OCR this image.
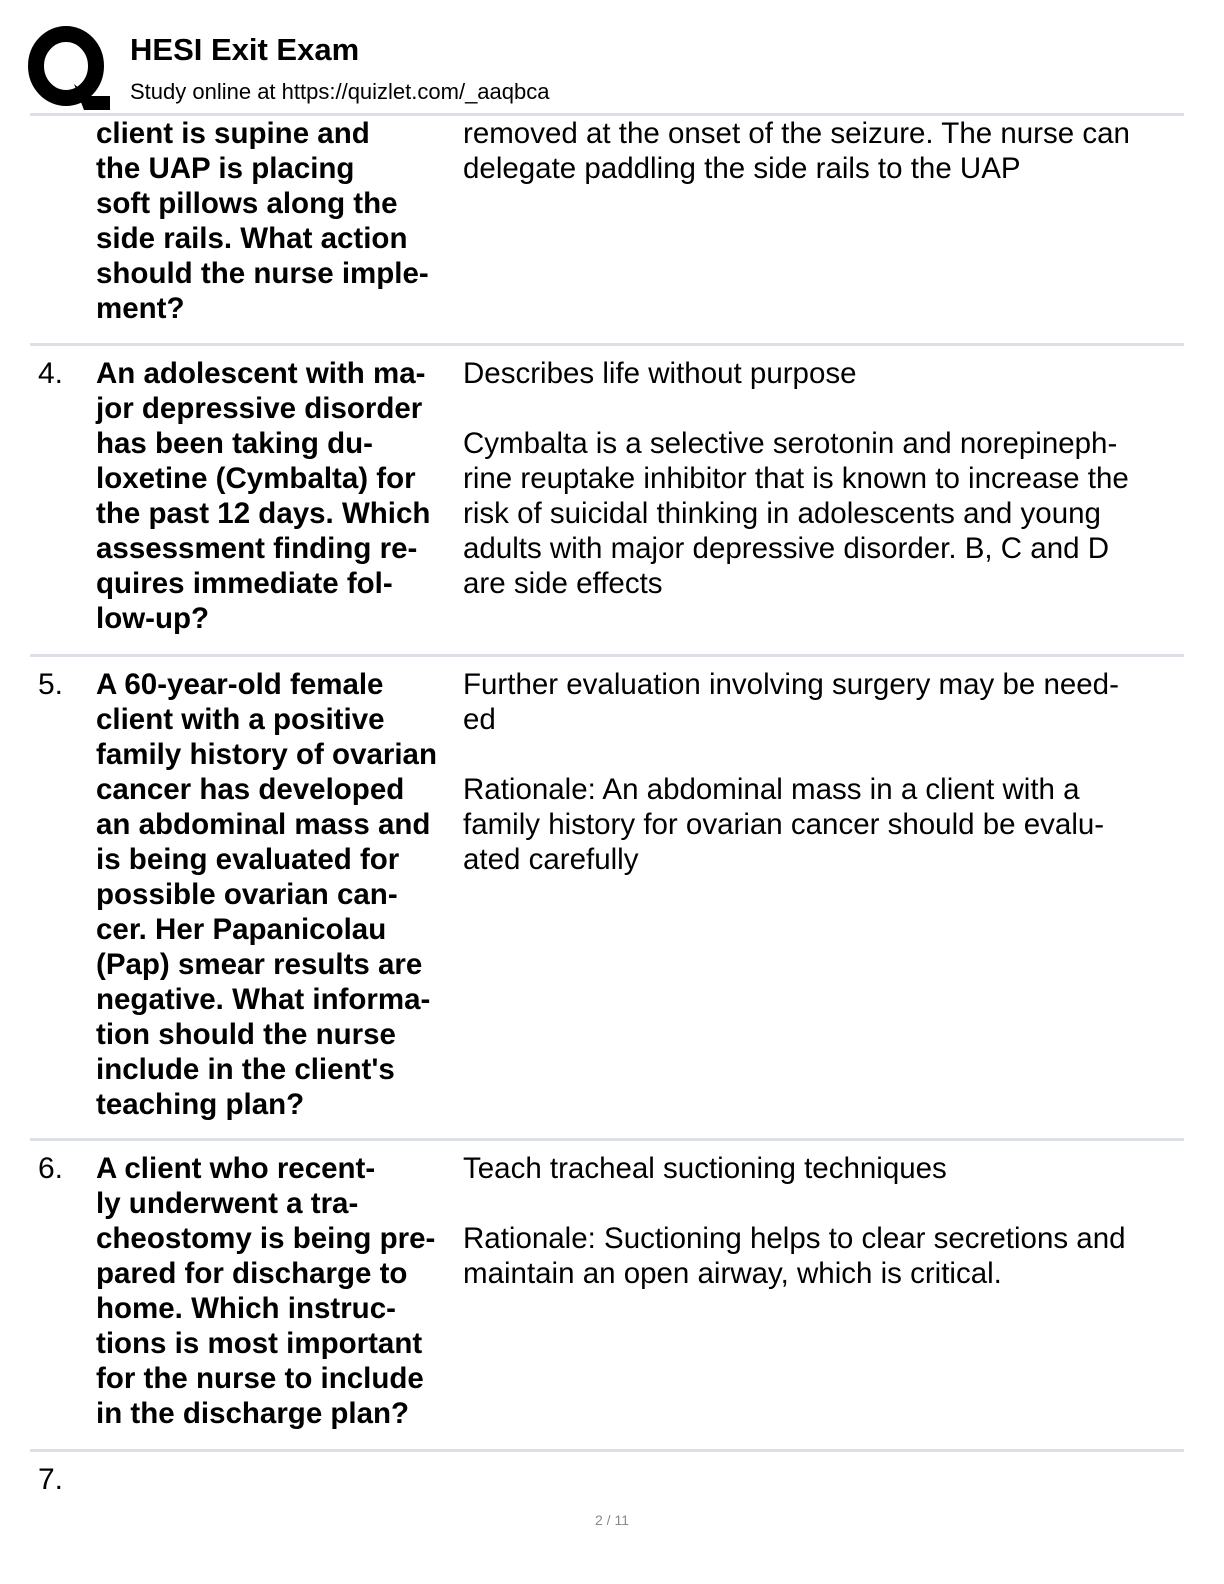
HESI Exit Exam
Study online at https://quizlet.com/_aaqbca
client is supine and
the UAP is placing
soft pillows along the
side rails. What action
should the nurse imple-
ment?
removed at the onset of the seizure. The nurse can
delegate paddling the side rails to the UAP
4. An adolescent with ma-
jor depressive disorder
has been taking du-
loxetine (Cymbalta) for
the past 12 days. Which
assessment finding re-
quires immediate fol-
low-up?
Describes life without purpose

Cymbalta is a selective serotonin and norepineph-
rine reuptake inhibitor that is known to increase the
risk of suicidal thinking in adolescents and young
adults with major depressive disorder. B, C and D
are side effects
5. A 60-year-old female
client with a positive
family history of ovarian
cancer has developed
an abdominal mass and
is being evaluated for
possible ovarian can-
cer. Her Papanicolau
(Pap) smear results are
negative. What informa-
tion should the nurse
include in the client's
teaching plan?
Further evaluation involving surgery may be need-
ed

Rationale: An abdominal mass in a client with a
family history for ovarian cancer should be evalu-
ated carefully
6. A client who recent-
ly underwent a tra-
cheostomy is being pre-
pared for discharge to
home. Which instruc-
tions is most important
for the nurse to include
in the discharge plan?
Teach tracheal suctioning techniques

Rationale: Suctioning helps to clear secretions and
maintain an open airway, which is critical.
7.
2 / 11
